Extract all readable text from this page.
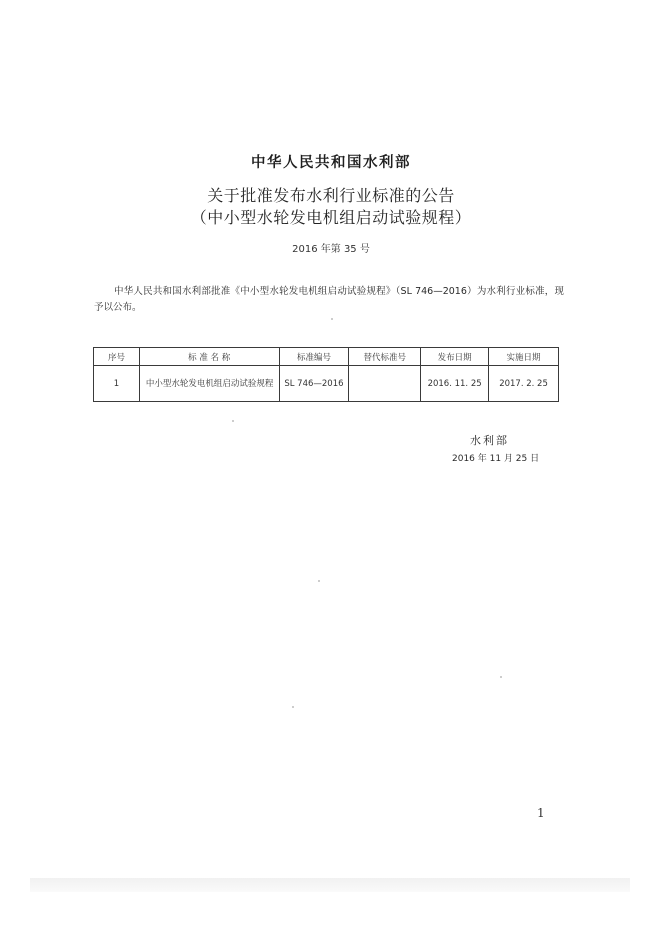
中华人民共和国水利部
关于批准发布水利行业标准的公告
（中小型水轮发电机组启动试验规程）
2016 年第 35 号

中华人民共和国水利部批准《中小型水轮发电机组启动试验规程》（SL 746—2016）为水利行业标准，现予以公布。

序号	标 准 名 称	标准编号	替代标准号	发布日期	实施日期
1	中小型水轮发电机组启动试验规程	SL 746—2016		2016. 11. 25	2017. 2. 25
水利部
2016 年 11 月 25 日
1
